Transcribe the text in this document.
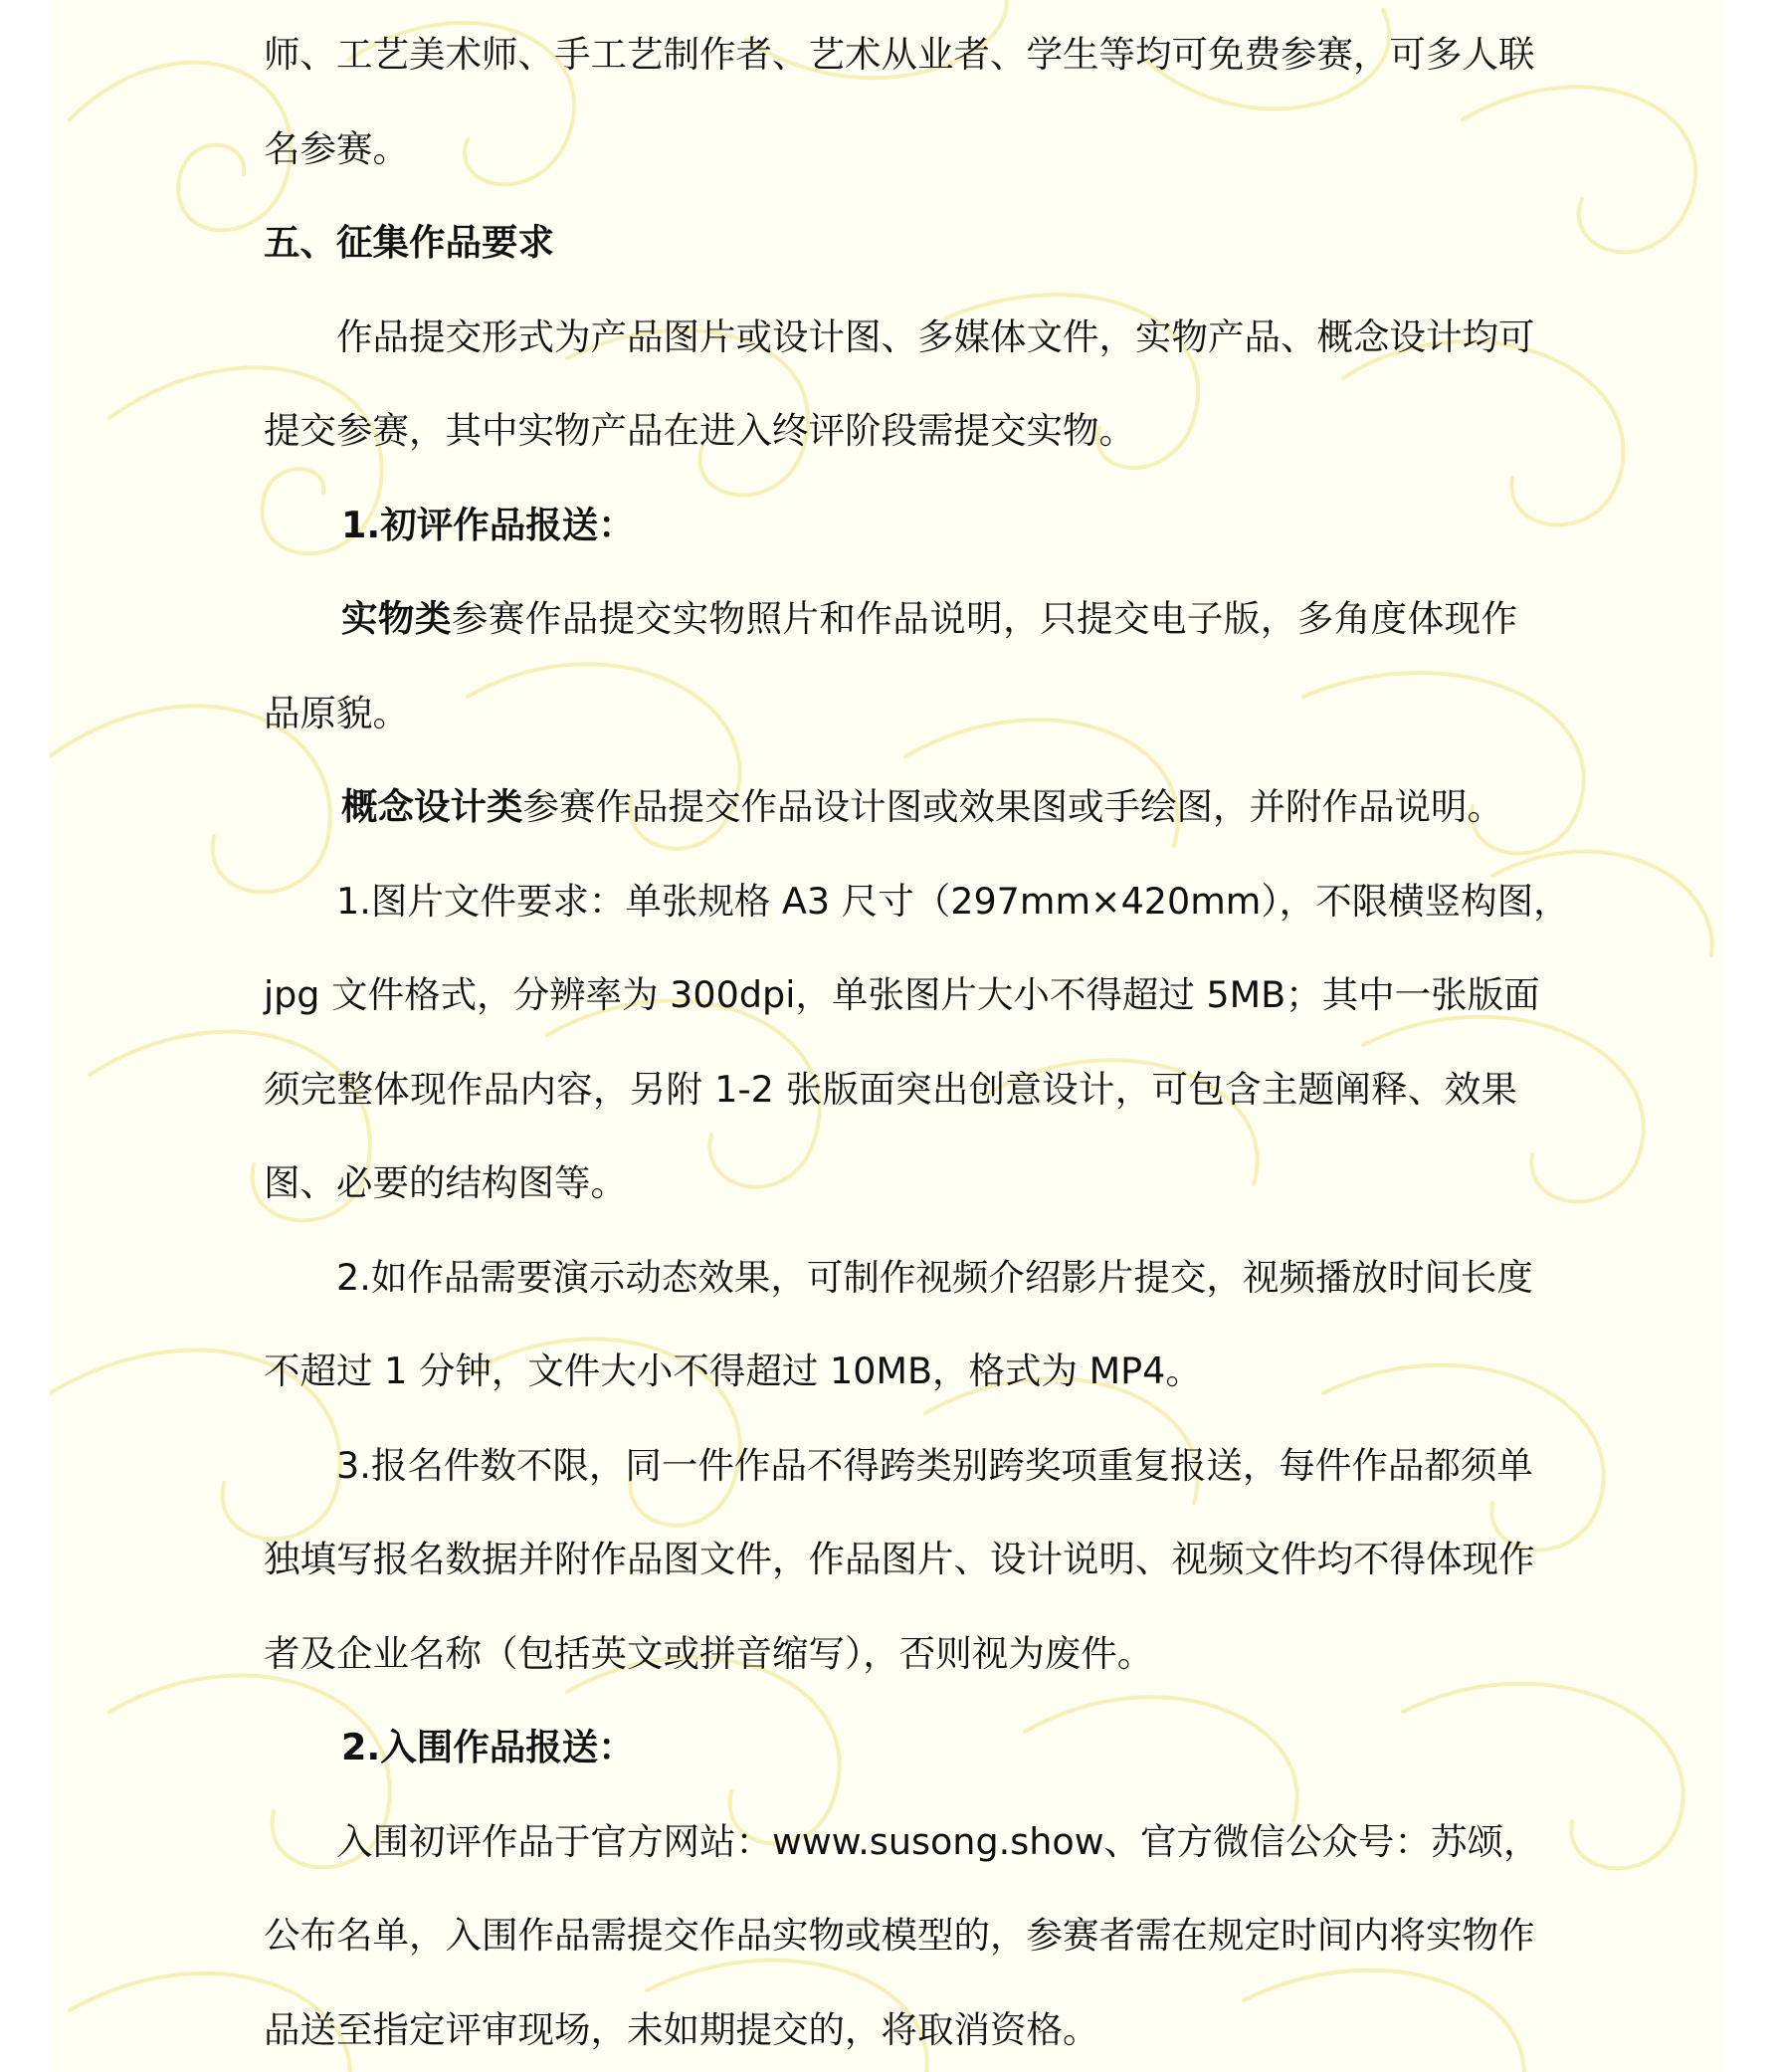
师、工艺美术师、手工艺制作者、艺术从业者、学生等均可免费参赛，可多人联

名参赛。

五、征集作品要求

作品提交形式为产品图片或设计图、多媒体文件，实物产品、概念设计均可

提交参赛，其中实物产品在进入终评阶段需提交实物。

1.初评作品报送：

实物类参赛作品提交实物照片和作品说明，只提交电子版，多角度体现作

品原貌。

概念设计类参赛作品提交作品设计图或效果图或手绘图，并附作品说明。

1.图片文件要求：单张规格 A3 尺寸（297mm×420mm），不限横竖构图，

jpg 文件格式，分辨率为 300dpi，单张图片大小不得超过 5MB；其中一张版面

须完整体现作品内容，另附 1-2 张版面突出创意设计，可包含主题阐释、效果

图、必要的结构图等。

2.如作品需要演示动态效果，可制作视频介绍影片提交，视频播放时间长度

不超过 1 分钟，文件大小不得超过 10MB，格式为 MP4。

3.报名件数不限，同一件作品不得跨类别跨奖项重复报送，每件作品都须单

独填写报名数据并附作品图文件，作品图片、设计说明、视频文件均不得体现作

者及企业名称（包括英文或拼音缩写），否则视为废件。

2.入围作品报送：

入围初评作品于官方网站：www.susong.show、官方微信公众号：苏颂，

公布名单，入围作品需提交作品实物或模型的，参赛者需在规定时间内将实物作

品送至指定评审现场，未如期提交的，将取消资格。
